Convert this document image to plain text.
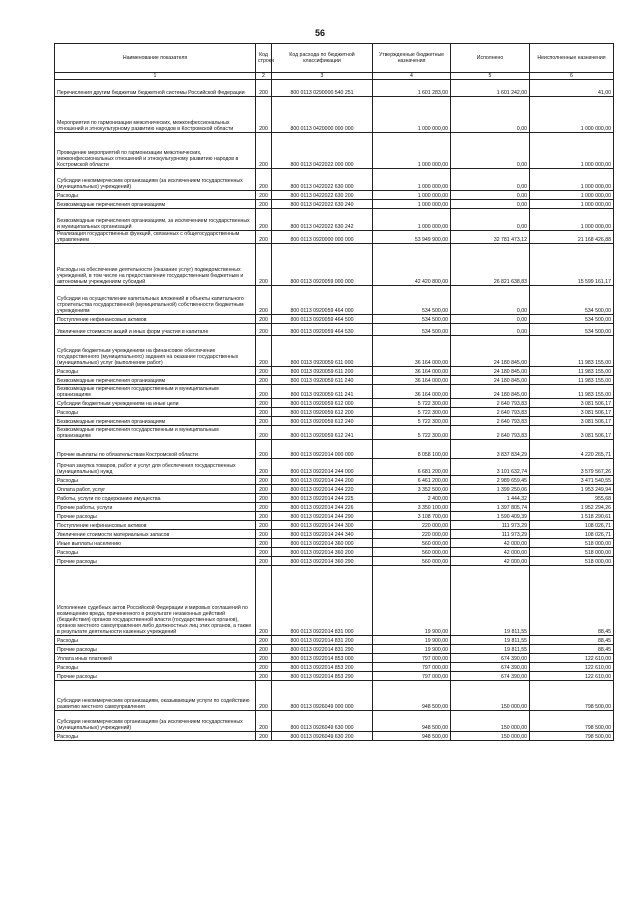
56
Наименование показателя	Код строки	Код расхода по бюджетной классификации	Утвержденные бюджетные назначения	Исполнено	Неисполненные назначения
1	2	3	4	5	6
Перечисления другим бюджетам бюджетной системы Российской Федерации	200	800 0113 0290000 540 251	1 601 283,00	1 601 242,00	41,00
Мероприятия по гармонизации межэтнических, межконфессиональных отношений и этнокультурному развитию народов в Костромской области	200	800 0113 0420000 000 000	1 000 000,00	0,00	1 000 000,00
Проведение мероприятий по гармонизации межэтнических, межконфессиональных отношений и этнокультурному развитию народов в Костромской области	200	800 0113 0422022 000 000	1 000 000,00	0,00	1 000 000,00
Субсидии некоммерческим организациям (за исключением государственных (муниципальных) учреждений)	200	800 0113 0422022 630 000	1 000 000,00	0,00	1 000 000,00
Расходы	200	800 0113 0422022 630 200	1 000 000,00	0,00	1 000 000,00
Безвозмездные перечисления организациям	200	800 0113 0422022 630 240	1 000 000,00	0,00	1 000 000,00
Безвозмездные перечисления организациям, за исключением государственных и муниципальных организаций	200	800 0113 0422022 630 242	1 000 000,00	0,00	1 000 000,00
Реализация государственных функций, связанных с общегосударственным управлением	200	800 0113 0920000 000 000	53 949 900,00	32 781 473,12	21 168 426,88
Расходы на обеспечение деятельности (оказание услуг) подведомственных учреждений, в том числе на предоставление государственным бюджетным и автономным учреждениям субсидий	200	800 0113 0920059 000 000	42 420 800,00	26 821 638,83	15 599 161,17
Субсидии на осуществление капитальных вложений в объекты капитального строительства государственной (муниципальной) собственности бюджетным учреждениям	200	800 0113 0920059 464 000	534 500,00	0,00	534 500,00
Поступление нефинансовых активов	200	800 0113 0920059 464 500	534 500,00	0,00	534 500,00
Увеличение стоимости акций и иных форм участия в капитале	200	800 0113 0920059 464 530	534 500,00	0,00	534 500,00
Субсидии бюджетным учреждениям на финансовое обеспечение государственного (муниципального) задания на оказание государственных (муниципальных) услуг (выполнение работ)	200	800 0113 0920059 611 000	36 164 000,00	24 180 845,00	11 983 155,00
Расходы	200	800 0113 0920059 611 200	36 164 000,00	24 180 845,00	11 983 155,00
Безвозмездные перечисления организациям	200	800 0113 0920059 611 240	36 164 000,00	24 180 845,00	11 983 155,00
Безвозмездные перечисления государственным и муниципальным организациям	200	800 0113 0920059 611 241	36 164 000,00	24 180 845,00	11 983 155,00
Субсидии бюджетным учреждениям на иные цели	200	800 0113 0920059 612 000	5 722 300,00	2 640 793,83	3 081 506,17
Расходы	200	800 0113 0920059 612 200	5 722 300,00	2 640 793,83	3 081 506,17
Безвозмездные перечисления организациям	200	800 0113 0920059 612 240	5 722 300,00	2 640 793,83	3 081 506,17
Безвозмездные перечисления государственным и муниципальным организациям	200	800 0113 0920059 612 241	5 722 300,00	2 640 793,83	3 081 506,17
Прочие выплаты по обязательствам Костромской области	200	800 0113 0922014 000 000	8 058 100,00	3 837 834,29	4 220 265,71
Прочая закупка товаров, работ и услуг для обеспечения государственных (муниципальных) нужд	200	800 0113 0922014 244 000	6 681 200,00	3 101 632,74	3 579 567,26
Расходы	200	800 0113 0922014 244 200	6 461 200,00	2 989 659,45	3 471 540,55
Оплата работ, услуг	200	800 0113 0922014 244 220	3 352 500,00	1 399 250,06	1 953 249,94
Работы, услуги по содержанию имущества	200	800 0113 0922014 244 225	2 400,00	1 444,32	955,68
Прочие работы, услуги	200	800 0113 0922014 244 226	3 350 100,00	1 397 805,74	1 952 294,26
Прочие расходы	200	800 0113 0922014 244 290	3 108 700,00	1 590 409,39	1 518 290,61
Поступление нефинансовых активов	200	800 0113 0922014 244 300	220 000,00	111 973,29	108 026,71
Увеличение стоимости материальных запасов	200	800 0113 0922014 244 340	220 000,00	111 973,29	108 026,71
Иные выплаты населению	200	800 0113 0922014 360 000	560 000,00	42 000,00	518 000,00
Расходы	200	800 0113 0922014 360 200	560 000,00	42 000,00	518 000,00
Прочие расходы	200	800 0113 0922014 360 290	560 000,00	42 000,00	518 000,00
Исполнение судебных актов Российской Федерации и мировых соглашений по возмещению вреда, причиненного в результате незаконных действий (бездействия) органов государственной власти (государственных органов), органов местного самоуправления либо должностных лиц этих органов, а также в результате деятельности казенных учреждений	200	800 0113 0922014 831 000	19 900,00	19 811,55	88,45
Расходы	200	800 0113 0922014 831 200	19 900,00	19 811,55	88,45
Прочие расходы	200	800 0113 0922014 831 290	19 900,00	19 811,55	88,45
Уплата иных платежей	200	800 0113 0922014 853 000	797 000,00	674 390,00	122 610,00
Расходы	200	800 0113 0922014 853 200	797 000,00	674 390,00	122 610,00
Прочие расходы	200	800 0113 0922014 853 290	797 000,00	674 390,00	122 610,00
Субсидии некоммерческим организациям, оказывающим услуги по содействию развитию местного самоуправления	200	800 0113 0926049 000 000	948 500,00	150 000,00	798 500,00
Субсидии некоммерческим организациям (за исключением государственных (муниципальных) учреждений)	200	800 0113 0926049 630 000	948 500,00	150 000,00	798 500,00
Расходы	200	800 0113 0926049 630 200	948 500,00	150 000,00	798 500,00
